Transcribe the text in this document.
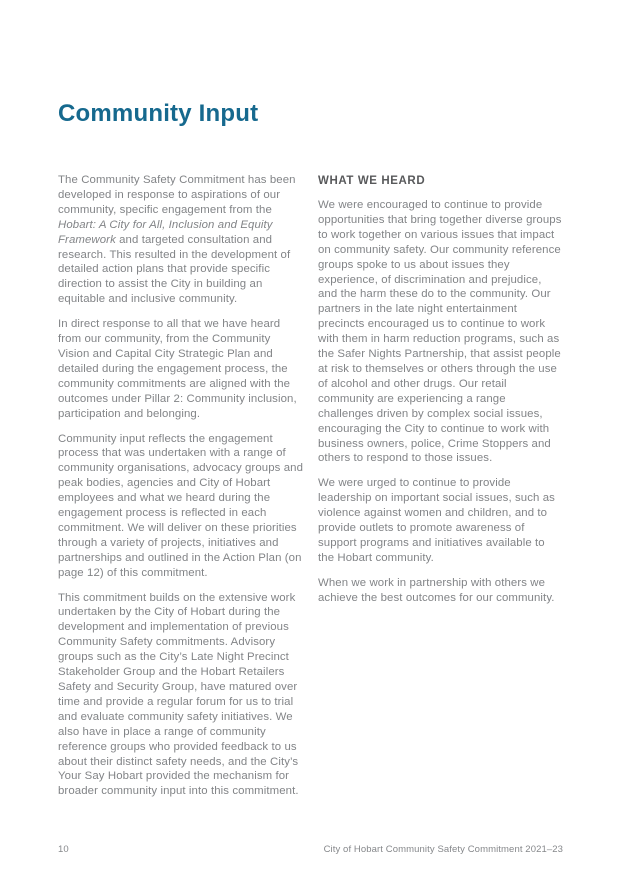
Community Input

The Community Safety Commitment has been developed in response to aspirations of our community, specific engagement from the Hobart: A City for All, Inclusion and Equity Framework and targeted consultation and research. This resulted in the development of detailed action plans that provide specific direction to assist the City in building an equitable and inclusive community.

In direct response to all that we have heard from our community, from the Community Vision and Capital City Strategic Plan and detailed during the engagement process, the community commitments are aligned with the outcomes under Pillar 2: Community inclusion, participation and belonging.

Community input reflects the engagement process that was undertaken with a range of community organisations, advocacy groups and peak bodies, agencies and City of Hobart employees and what we heard during the engagement process is reflected in each commitment. We will deliver on these priorities through a variety of projects, initiatives and partnerships and outlined in the Action Plan (on page 12) of this commitment.

This commitment builds on the extensive work undertaken by the City of Hobart during the development and implementation of previous Community Safety commitments. Advisory groups such as the City’s Late Night Precinct Stakeholder Group and the Hobart Retailers Safety and Security Group, have matured over time and provide a regular forum for us to trial and evaluate community safety initiatives. We also have in place a range of community reference groups who provided feedback to us about their distinct safety needs, and the City’s Your Say Hobart provided the mechanism for broader community input into this commitment.

WHAT WE HEARD

We were encouraged to continue to provide opportunities that bring together diverse groups to work together on various issues that impact on community safety. Our community reference groups spoke to us about issues they experience, of discrimination and prejudice, and the harm these do to the community. Our partners in the late night entertainment precincts encouraged us to continue to work with them in harm reduction programs, such as the Safer Nights Partnership, that assist people at risk to themselves or others through the use of alcohol and other drugs. Our retail community are experiencing a range challenges driven by complex social issues, encouraging the City to continue to work with business owners, police, Crime Stoppers and others to respond to those issues.

We were urged to continue to provide leadership on important social issues, such as violence against women and children, and to provide outlets to promote awareness of support programs and initiatives available to the Hobart community.

When we work in partnership with others we achieve the best outcomes for our community.

10	City of Hobart Community Safety Commitment 2021–23
